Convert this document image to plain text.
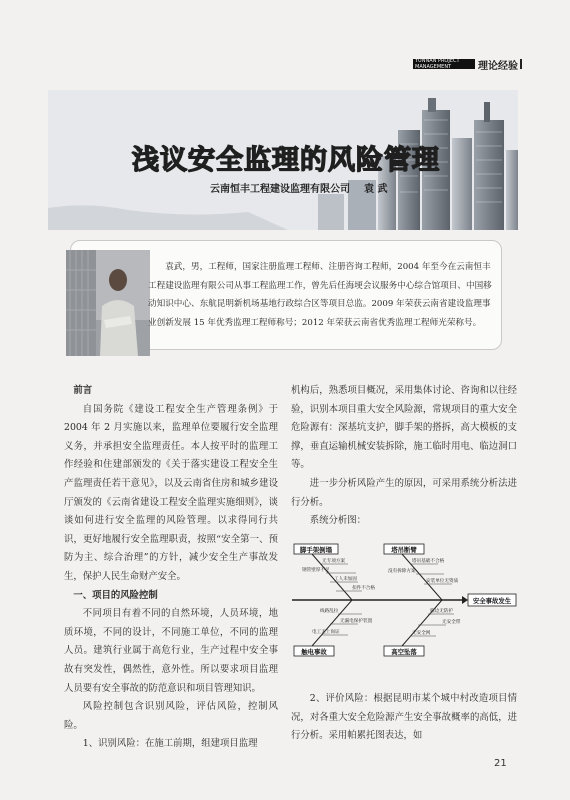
YUNNAN PROJECT
MANAGEMENT	理论经验
浅议安全监理的风险管理
云南恒丰工程建设监理有限公司 袁 武
袁武，男，工程师，国家注册监理工程师、注册咨询工程师，2004 年至今在云南恒丰工程建设监理有限公司从事工程监理工作，曾先后任海埂会议服务中心综合馆项目、中国移动知识中心、东航昆明新机场基地行政综合区等项目总监。2009 年荣获云南省建设监理事业创新发展 15 年优秀监理工程师称号；2012 年荣获云南省优秀监理工程师光荣称号。
前言

自国务院《建设工程安全生产管理条例》于 2004 年 2 月实施以来，监理单位要履行安全监理义务，并承担安全监理责任。本人按平时的监理工作经验和住建部颁发的《关于落实建设工程安全生产监理责任若干意见》，以及云南省住房和城乡建设厅颁发的《云南省建设工程安全监理实施细则》，谈谈如何进行安全监理的风险管理。以求得同行共识，更好地履行安全监理职责，按照“安全第一、预防为主、综合治理”的方针，减少安全生产事故发生，保护人民生命财产安全。

一、项目的风险控制

不同项目有着不同的自然环境，人员环境，地质环境，不同的设计，不同施工单位，不同的监理人员。建筑行业属于高危行业，生产过程中安全事故有突发性，偶然性，意外性。所以要求项目监理人员要有安全事故的防范意识和项目管理知识。

风险控制包含识别风险，评估风险，控制风险。

1、识别风险：在施工前期，组建项目监理

机构后，熟悉项目概况，采用集体讨论、咨询和以往经验，识别本项目重大安全风险源，常规项目的重大安全危险源有：深基坑支护，脚手架的搭拆，高大模板的支撑，垂直运输机械安装拆除，施工临时用电、临边洞口等。

进一步分析风险产生的原因，可采用系统分析法进行分析。

系统分析图：

脚手架倒塌	塔吊断臂
触电事故	高空坠落
安全事故发生
无专项方案
钢管壁厚不足
工人未加固
扣件不合格
塔吊基础不合格
没有拆除方案
安装单位无资质
线路乱拉
无漏电保护装置
电工无上岗证
临边无防护
无安全带
无安全网

2、评价风险：根据昆明市某个城中村改造项目情况，对各重大安全危险源产生安全事故概率的高低，进行分析。采用帕累托图表达，如

21
